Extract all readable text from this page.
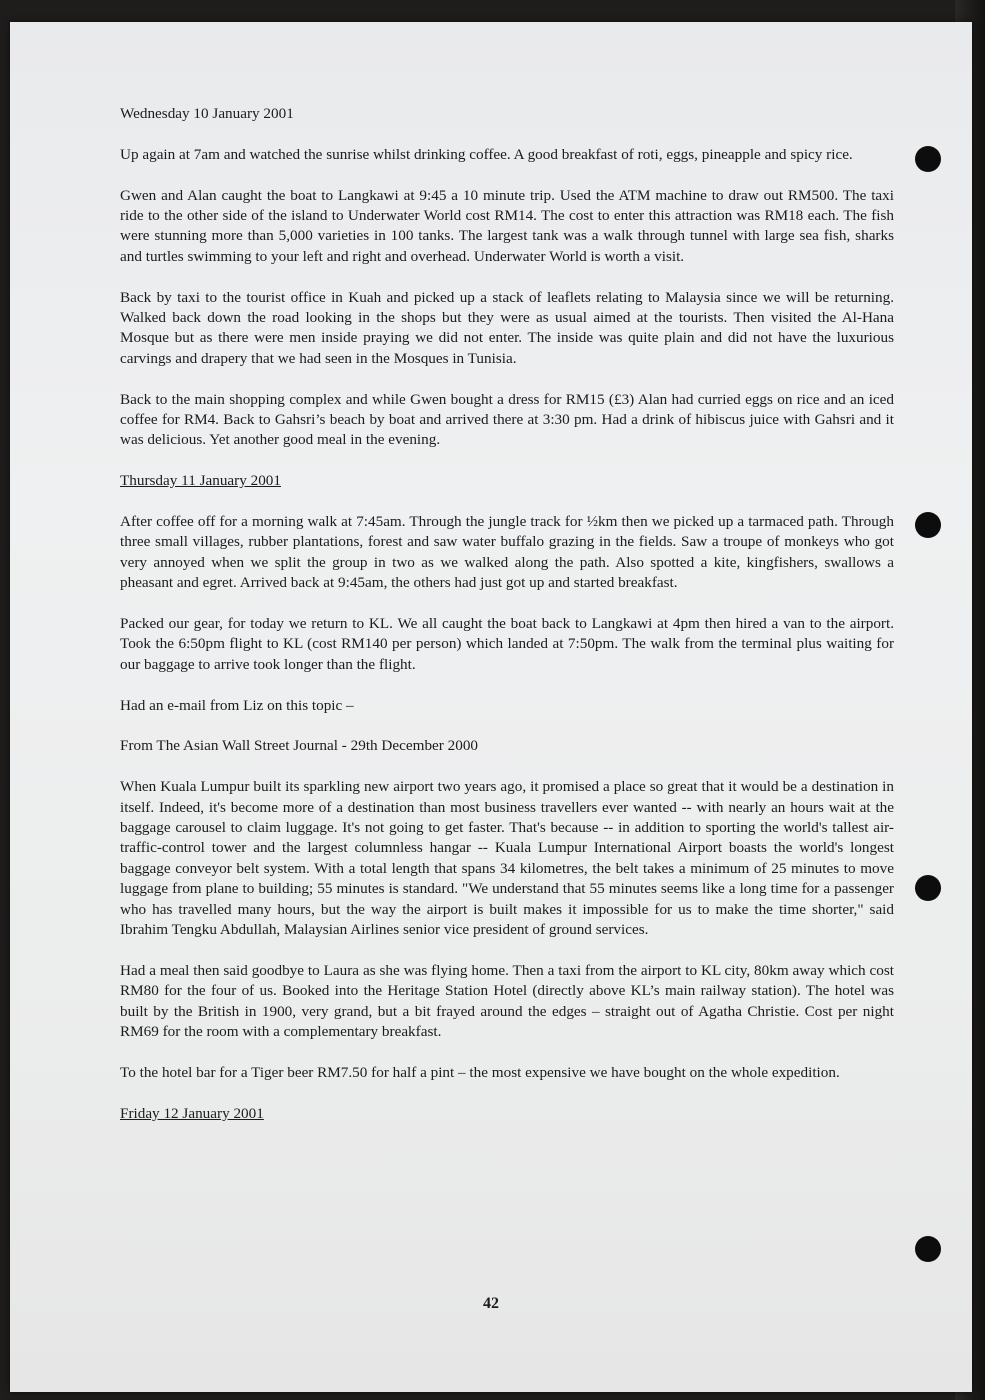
Wednesday 10 January 2001

Up again at 7am and watched the sunrise whilst drinking coffee. A good breakfast of roti, eggs, pineapple and spicy rice.

Gwen and Alan caught the boat to Langkawi at 9:45 a 10 minute trip. Used the ATM machine to draw out RM500. The taxi ride to the other side of the island to Underwater World cost RM14. The cost to enter this attraction was RM18 each. The fish were stunning more than 5,000 varieties in 100 tanks. The largest tank was a walk through tunnel with large sea fish, sharks and turtles swimming to your left and right and overhead. Underwater World is worth a visit.

Back by taxi to the tourist office in Kuah and picked up a stack of leaflets relating to Malaysia since we will be returning. Walked back down the road looking in the shops but they were as usual aimed at the tourists. Then visited the Al-Hana Mosque but as there were men inside praying we did not enter. The inside was quite plain and did not have the luxurious carvings and drapery that we had seen in the Mosques in Tunisia.

Back to the main shopping complex and while Gwen bought a dress for RM15 (£3) Alan had curried eggs on rice and an iced coffee for RM4. Back to Gahsri’s beach by boat and arrived there at 3:30 pm. Had a drink of hibiscus juice with Gahsri and it was delicious. Yet another good meal in the evening.

Thursday 11 January 2001

After coffee off for a morning walk at 7:45am. Through the jungle track for ½km then we picked up a tarmaced path. Through three small villages, rubber plantations, forest and saw water buffalo grazing in the fields. Saw a troupe of monkeys who got very annoyed when we split the group in two as we walked along the path. Also spotted a kite, kingfishers, swallows a pheasant and egret. Arrived back at 9:45am, the others had just got up and started breakfast.

Packed our gear, for today we return to KL. We all caught the boat back to Langkawi at 4pm then hired a van to the airport. Took the 6:50pm flight to KL (cost RM140 per person) which landed at 7:50pm. The walk from the terminal plus waiting for our baggage to arrive took longer than the flight.

Had an e-mail from Liz on this topic –

From The Asian Wall Street Journal - 29th December 2000

When Kuala Lumpur built its sparkling new airport two years ago, it promised a place so great that it would be a destination in itself. Indeed, it's become more of a destination than most business travellers ever wanted -- with nearly an hours wait at the baggage carousel to claim luggage. It's not going to get faster. That's because -- in addition to sporting the world's tallest air-traffic-control tower and the largest columnless hangar -- Kuala Lumpur International Airport boasts the world's longest baggage conveyor belt system. With a total length that spans 34 kilometres, the belt takes a minimum of 25 minutes to move luggage from plane to building; 55 minutes is standard. "We understand that 55 minutes seems like a long time for a passenger who has travelled many hours, but the way the airport is built makes it impossible for us to make the time shorter," said Ibrahim Tengku Abdullah, Malaysian Airlines senior vice president of ground services.

Had a meal then said goodbye to Laura as she was flying home. Then a taxi from the airport to KL city, 80km away which cost RM80 for the four of us. Booked into the Heritage Station Hotel (directly above KL’s main railway station). The hotel was built by the British in 1900, very grand, but a bit frayed around the edges – straight out of Agatha Christie. Cost per night RM69 for the room with a complementary breakfast.

To the hotel bar for a Tiger beer RM7.50 for half a pint – the most expensive we have bought on the whole expedition.

Friday 12 January 2001

42
